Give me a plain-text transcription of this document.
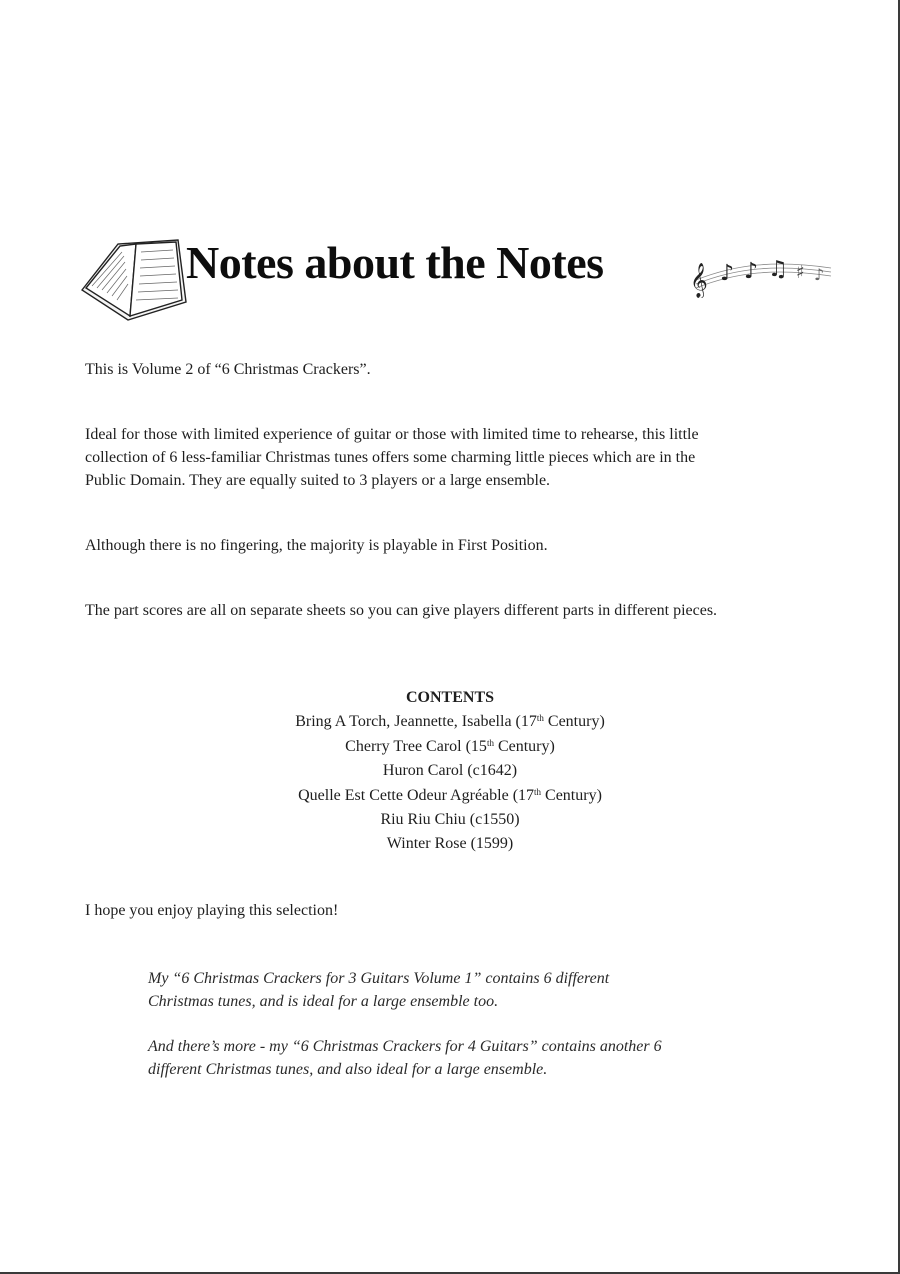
Notes about the Notes	𝄞 ♪ ♪ ♫ ♯ ♪
This is Volume 2 of “6 Christmas Crackers”.
Ideal for those with limited experience of guitar or those with limited time to rehearse, this little
collection of 6 less-familiar Christmas tunes offers some charming little pieces which are in the
Public Domain. They are equally suited to 3 players or a large ensemble.
Although there is no fingering, the majority is playable in First Position.
The part scores are all on separate sheets so you can give players different parts in different pieces.
CONTENTS
Bring A Torch, Jeannette, Isabella (17th Century)
Cherry Tree Carol (15th Century)
Huron Carol (c1642)
Quelle Est Cette Odeur Agréable (17th Century)
Riu Riu Chiu (c1550)
Winter Rose (1599)
I hope you enjoy playing this selection!
My “6 Christmas Crackers for 3 Guitars Volume 1” contains 6 different
Christmas tunes, and is ideal for a large ensemble too.
And there’s more - my “6 Christmas Crackers for 4 Guitars” contains another 6
different Christmas tunes, and also ideal for a large ensemble.
